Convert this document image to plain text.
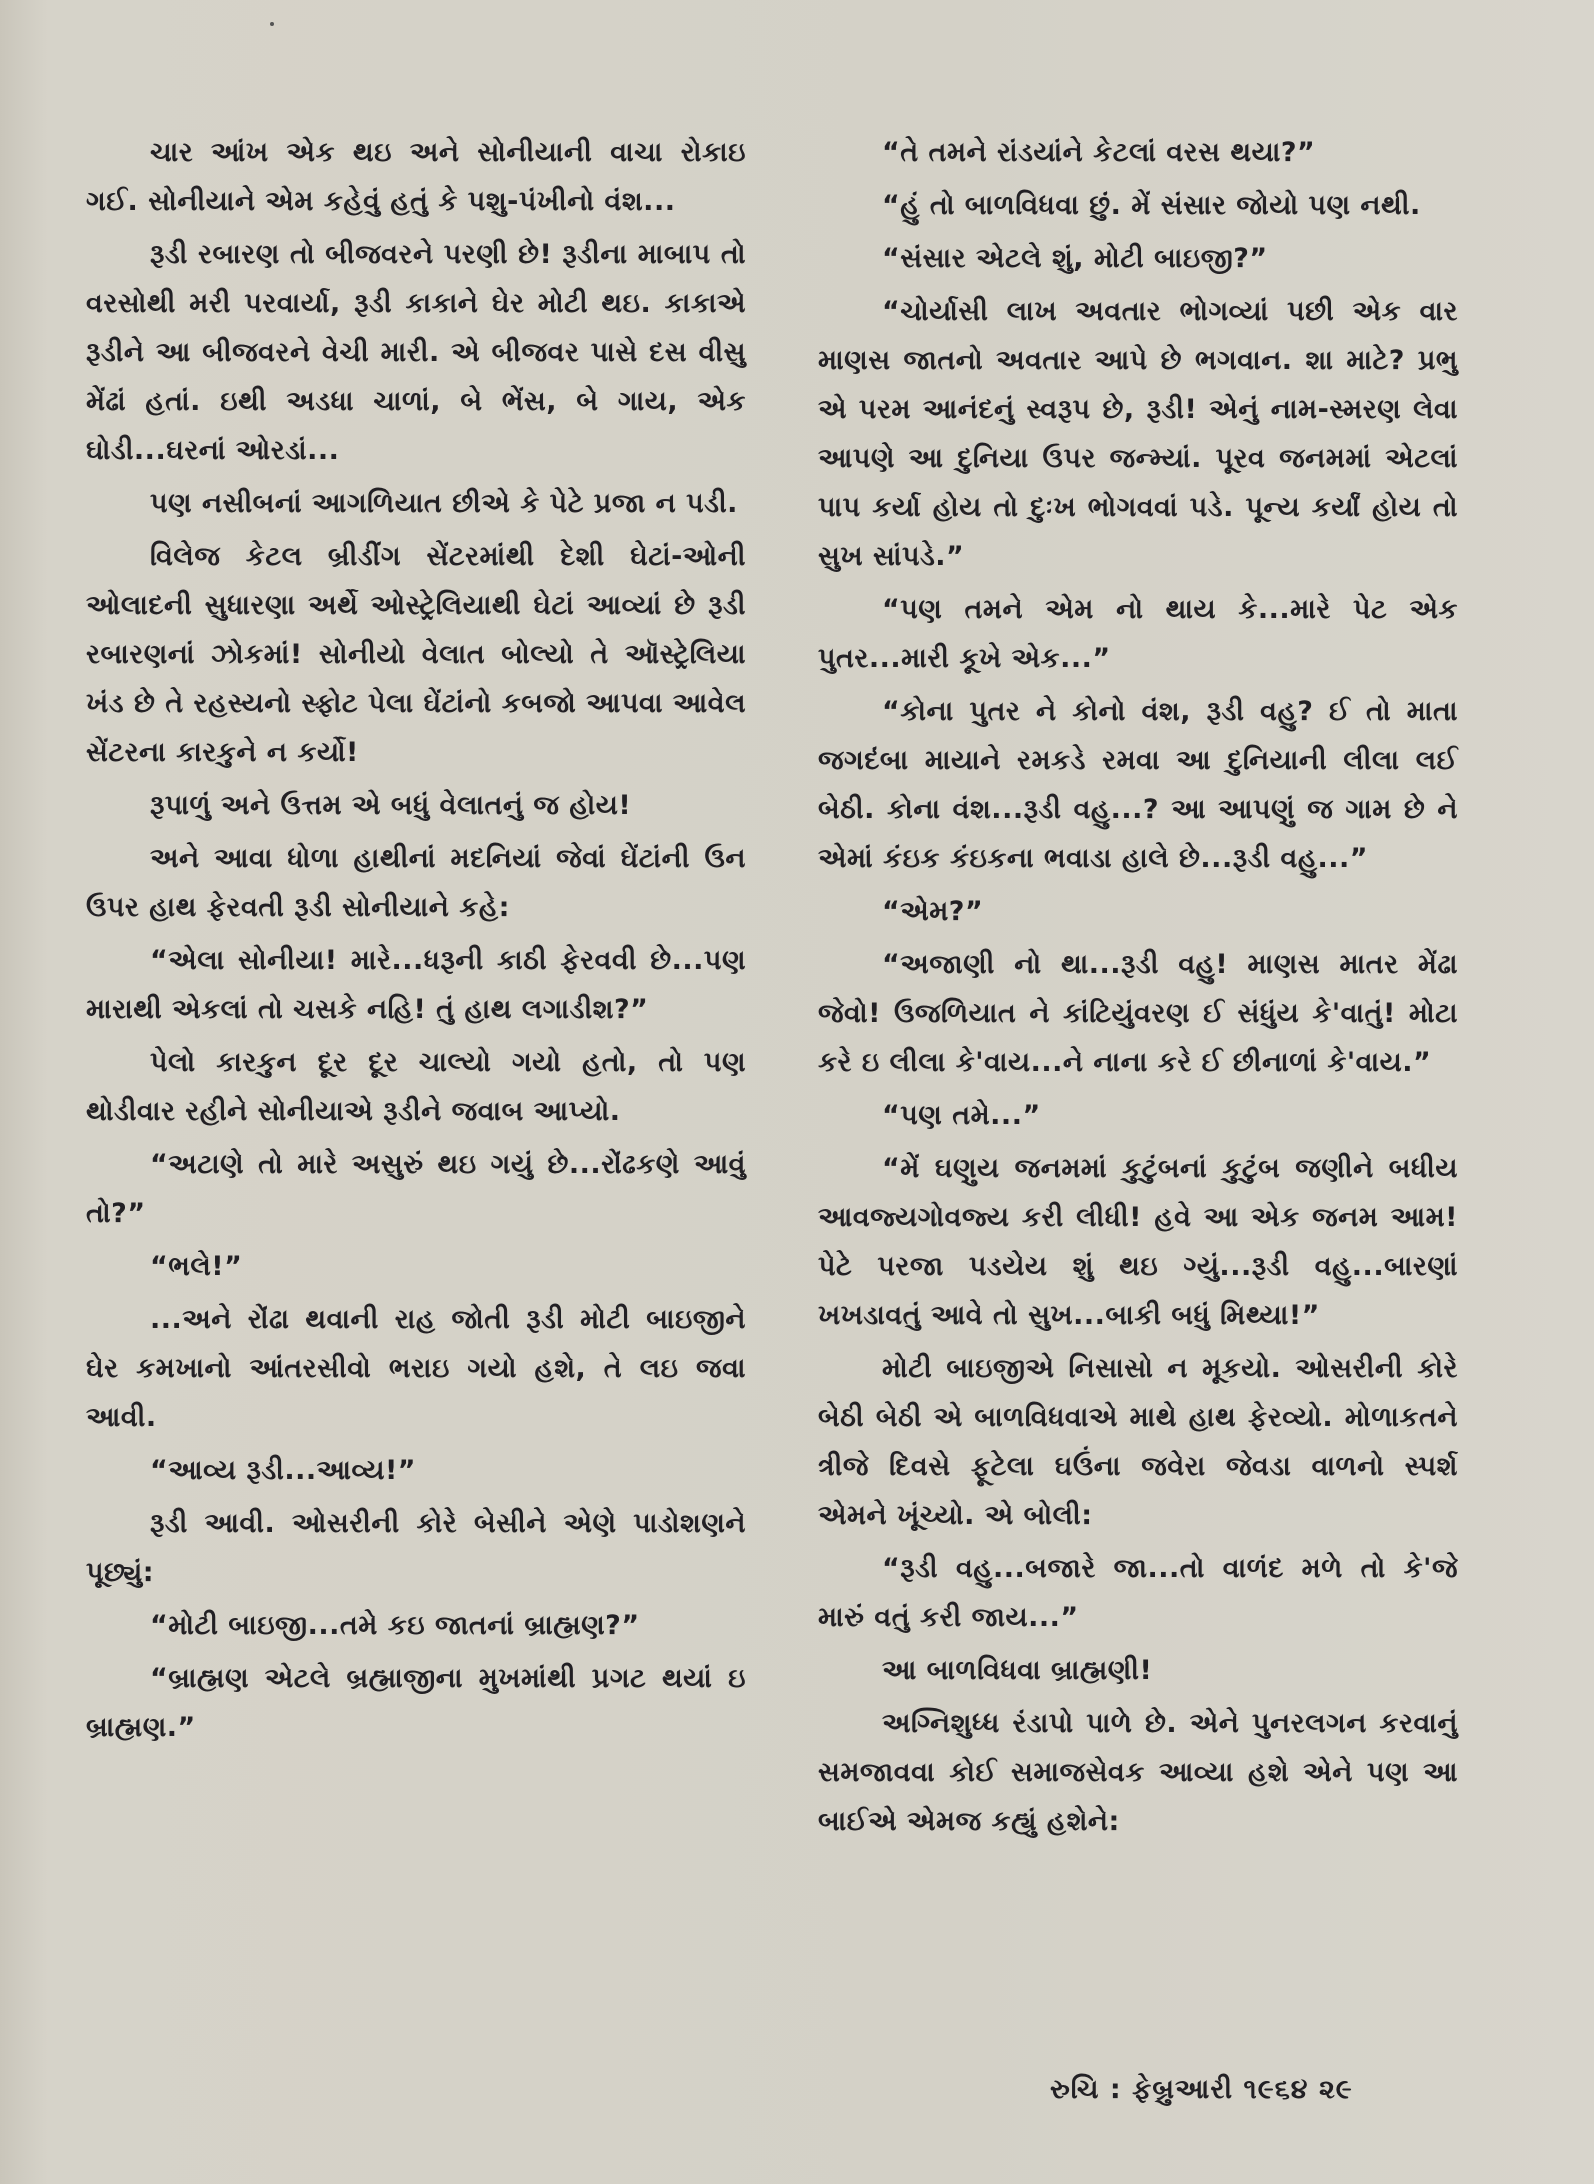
ચાર આંખ એક થઇ અને સોનીયાની વાચા રોકાઇ ગઈ. સોનીયાને એમ કહેવું હતું કે પશુ-પંખીનો વંશ...

રૂડી રબારણ તો બીજવરને પરણી છે! રૂડીના માબાપ તો વરસોથી મરી પરવાર્યા, રૂડી કાકાને ઘેર મોટી થઇ. કાકાએ રૂડીને આ બીજવરને વેચી મારી. એ બીજવર પાસે દસ વીસુ મેંઢાં હતાં. ઇથી અડધા ચાળાં, બે ભેંસ, બે ગાય, એક ઘોડી...ઘરનાં ઓરડાં...

પણ નસીબનાં આગળિયાત છીએ કે પેટે પ્રજા ન પડી.

વિલેજ કેટલ બ્રીડીંગ સેંટરમાંથી દેશી ઘેટાં-ઓની ઓલાદની સુધારણા અર્થે ઓસ્ટ્રેલિયાથી ઘેટાં આવ્યાં છે રૂડી રબારણનાં ઝોકમાં! સોનીયો વેલાત બોલ્યો તે ઑસ્ટ્રેલિયા ખંડ છે તે રહસ્યનો સ્ફોટ પેલા ઘેંટાંનો કબજો આપવા આવેલ સેંટરના કારકુને ન કર્યો!

રૂપાળું અને ઉત્તમ એ બધું વેલાતનું જ હોય!

અને આવા ધોળા હાથીનાં મદનિયાં જેવાં ઘેંટાંની ઉન ઉપર હાથ ફેરવતી રૂડી સોનીયાને કહે:

“એલા સોનીયા! મારે...ધરૂની કાઠી ફેરવવી છે...પણ મારાથી એકલાં તો ચસકે નહિ! તું હાથ લગાડીશ?”

પેલો કારકુન દૂર દૂર ચાલ્યો ગયો હતો, તો પણ થોડીવાર રહીને સોનીયાએ રૂડીને જવાબ આપ્યો.

“અટાણે તો મારે અસુરું થઇ ગયું છે...રોંઢકણે આવું તો?”

“ભલે!”

...અને રોંઢા થવાની રાહ જોતી રૂડી મોટી બાઇજીને ઘેર કમખાનો આંતરસીવો ભરાઇ ગયો હશે, તે લઇ જવા આવી.

“આવ્ય રૂડી...આવ્ય!”

રૂડી આવી. ઓસરીની કોરે બેસીને એણે પાડોશણને પૂછ્યું:

“મોટી બાઇજી...તમે કઇ જાતનાં બ્રાહ્મણ?”

“બ્રાહ્મણ એટલે બ્રહ્માજીના મુખમાંથી પ્રગટ થયાં ઇ બ્રાહ્મણ.”

“તે તમને રાંડયાંને કેટલાં વરસ થયા?”

“હું તો બાળવિધવા છું. મેં સંસાર જોયો પણ નથી.

“સંસાર એટલે શું, મોટી બાઇજી?”

“ચોર્યાસી લાખ અવતાર ભોગવ્યાં પછી એક વાર માણસ જાતનો અવતાર આપે છે ભગવાન. શા માટે? પ્રભુ એ પરમ આનંદનું સ્વરૂપ છે, રૂડી! એનું નામ-સ્મરણ લેવા આપણે આ દુનિયા ઉપર જન્મ્યાં. પૂરવ જનમમાં એટલાં પાપ કર્યા હોય તો દુઃખ ભોગવવાં પડે. પૂન્ય કર્યાં હોય તો સુખ સાંપડે.”

“પણ તમને એમ નો થાય કે...મારે પેટ એક પુતર...મારી કૂખે એક...”

“કોના પુતર ને કોનો વંશ, રૂડી વહુ? ઈ તો માતા જગદંબા માયાને રમકડે રમવા આ દુનિયાની લીલા લઈ બેઠી. કોના વંશ...રૂડી વહુ...? આ આપણું જ ગામ છે ને એમાં કંઇક કંઇકના ભવાડા હાલે છે...રૂડી વહુ...”

“એમ?”

“અજાણી નો થા...રૂડી વહુ! માણસ માતર મેંઢા જેવો! ઉજળિયાત ને કાંટિયુંવરણ ઈ સંધુંય કે'વાતું! મોટા કરે ઇ લીલા કે'વાય...ને નાના કરે ઈ છીનાળાં કે'વાય.”

“પણ તમે...”

“મેં ઘણુય જનમમાં કુટુંબનાં કુટુંબ જણીને બધીય આવજ્યગોવજ્ય કરી લીધી! હવે આ એક જનમ આમ! પેટે પરજા પડયેય શું થઇ ગ્યું...રૂડી વહુ...બારણાં ખખડાવતું આવે તો સુખ...બાકી બધું મિથ્યા!”

મોટી બાઇજીએ નિસાસો ન મૂકયો. ઓસરીની કોરે બેઠી બેઠી એ બાળવિધવાએ માથે હાથ ફેરવ્યો. મોળાકતને ત્રીજે દિવસે ફૂટેલા ઘઉંના જવેરા જેવડા વાળનો સ્પર્શ એમને ખૂંચ્યો. એ બોલી:

“રૂડી વહુ...બજારે જા...તો વાળંદ મળે તો કે'જે મારું વતું કરી જાય...”

આ બાળવિધવા બ્રાહ્મણી!

અગ્નિશુધ્ધ રંડાપો પાળે છે. એને પુનરલગન કરવાનું સમજાવવા કોઈ સમાજસેવક આવ્યા હશે એને પણ આ બાઈએ એમજ કહ્યું હશેને:

રુચિ : ફેબ્રુઆરી ૧૯૬૪ ૨૯
